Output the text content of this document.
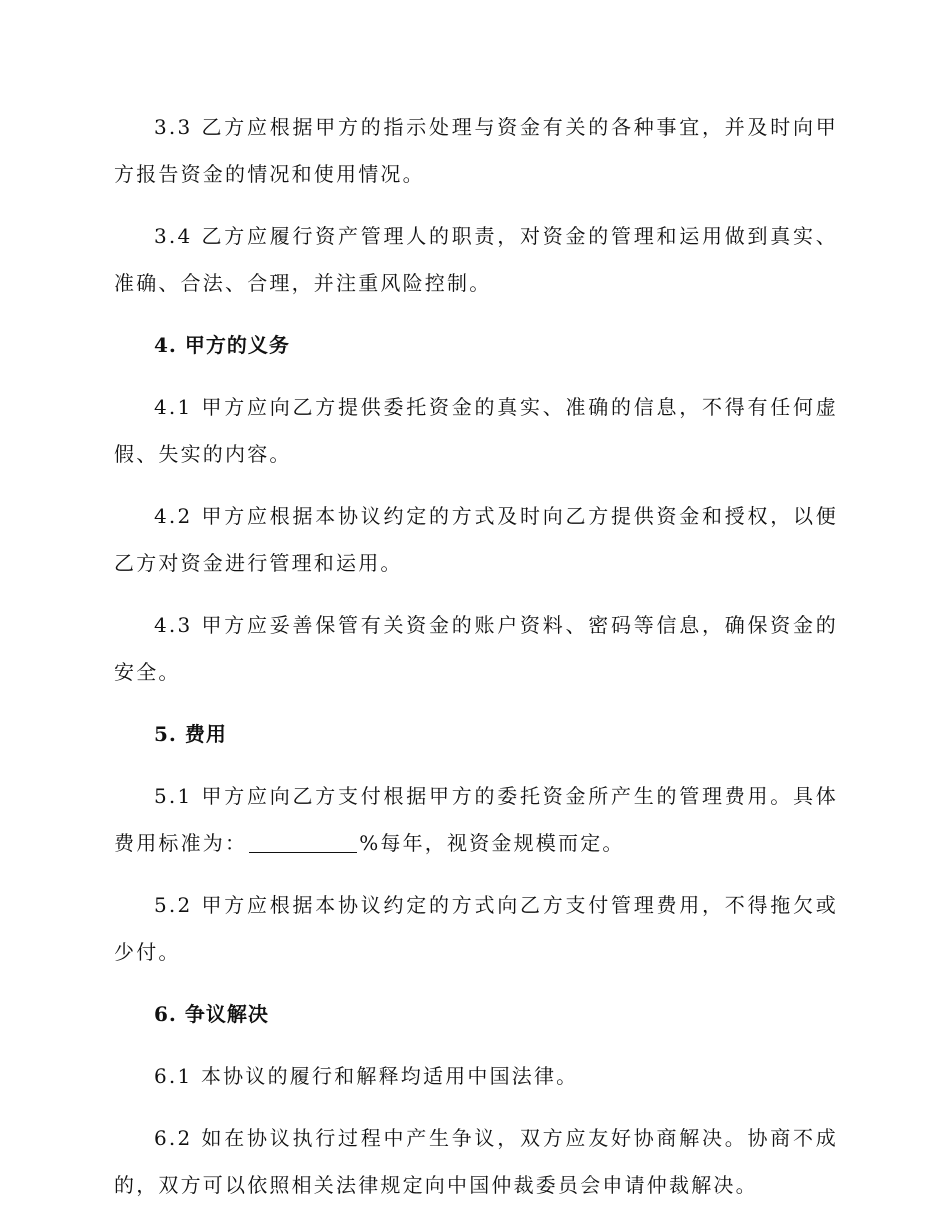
3.3 乙方应根据甲方的指示处理与资金有关的各种事宜，并及时向甲方报告资金的情况和使用情况。

3.4 乙方应履行资产管理人的职责，对资金的管理和运用做到真实、准确、合法、合理，并注重风险控制。

4. 甲方的义务

4.1 甲方应向乙方提供委托资金的真实、准确的信息，不得有任何虚假、失实的内容。

4.2 甲方应根据本协议约定的方式及时向乙方提供资金和授权，以便乙方对资金进行管理和运用。

4.3 甲方应妥善保管有关资金的账户资料、密码等信息，确保资金的安全。

5. 费用

5.1 甲方应向乙方支付根据甲方的委托资金所产生的管理费用。具体费用标准为：	%每年，视资金规模而定。

5.2 甲方应根据本协议约定的方式向乙方支付管理费用，不得拖欠或少付。

6. 争议解决

6.1 本协议的履行和解释均适用中国法律。

6.2 如在协议执行过程中产生争议，双方应友好协商解决。协商不成的，双方可以依照相关法律规定向中国仲裁委员会申请仲裁解决。
